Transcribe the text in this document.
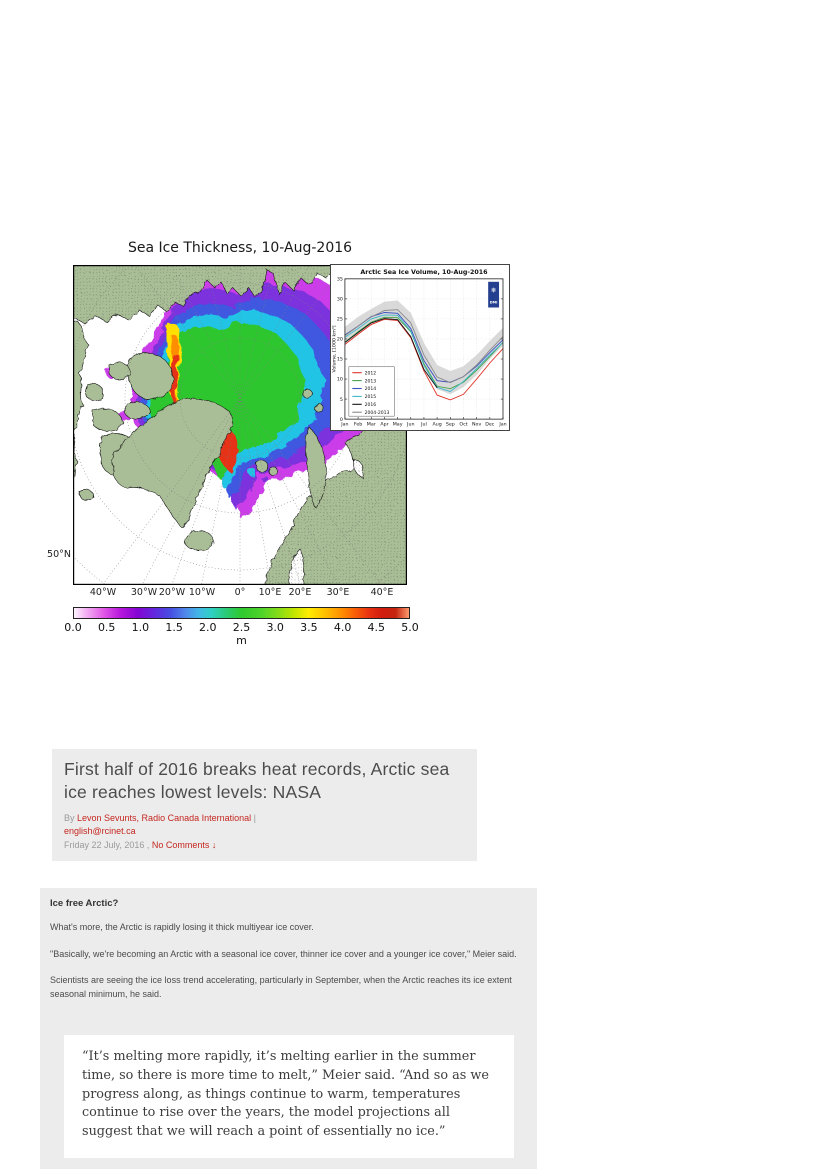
Sea Ice Thickness, 10-Aug-2016
0
5
10
15
20
25
30
35
Jan Feb Mar Apr May Jun Jul Aug Sep Oct Nov Dec Jan
Arctic Sea Ice Volume, 10-Aug-2016
Volume, [1000 km³]
2012
2013
2014
2015
2016
2004-2013
❄
DMI
50°N
40°W 30°W 20°W 10°W 0° 10°E 20°E 30°E 40°E
0.0 0.5 1.0 1.5 2.0 2.5 3.0 3.5 4.0 4.5 5.0
m
First half of 2016 breaks heat records, Arctic sea ice reaches lowest levels: NASA
By Levon Sevunts, Radio Canada International |
english@rcinet.ca
Friday 22 July, 2016 , No Comments ↓
Ice free Arctic?

What's more, the Arctic is rapidly losing it thick multiyear ice cover.

"Basically, we're becoming an Arctic with a seasonal ice cover, thinner ice cover and a younger ice cover," Meier said.

Scientists are seeing the ice loss trend accelerating, particularly in September, when the Arctic reaches its ice extent seasonal minimum, he said.

“It’s melting more rapidly, it’s melting earlier in the summer time, so there is more time to melt,” Meier said. “And so as we progress along, as things continue to warm, temperatures continue to rise over the years, the model projections all suggest that we will reach a point of essentially no ice.”
